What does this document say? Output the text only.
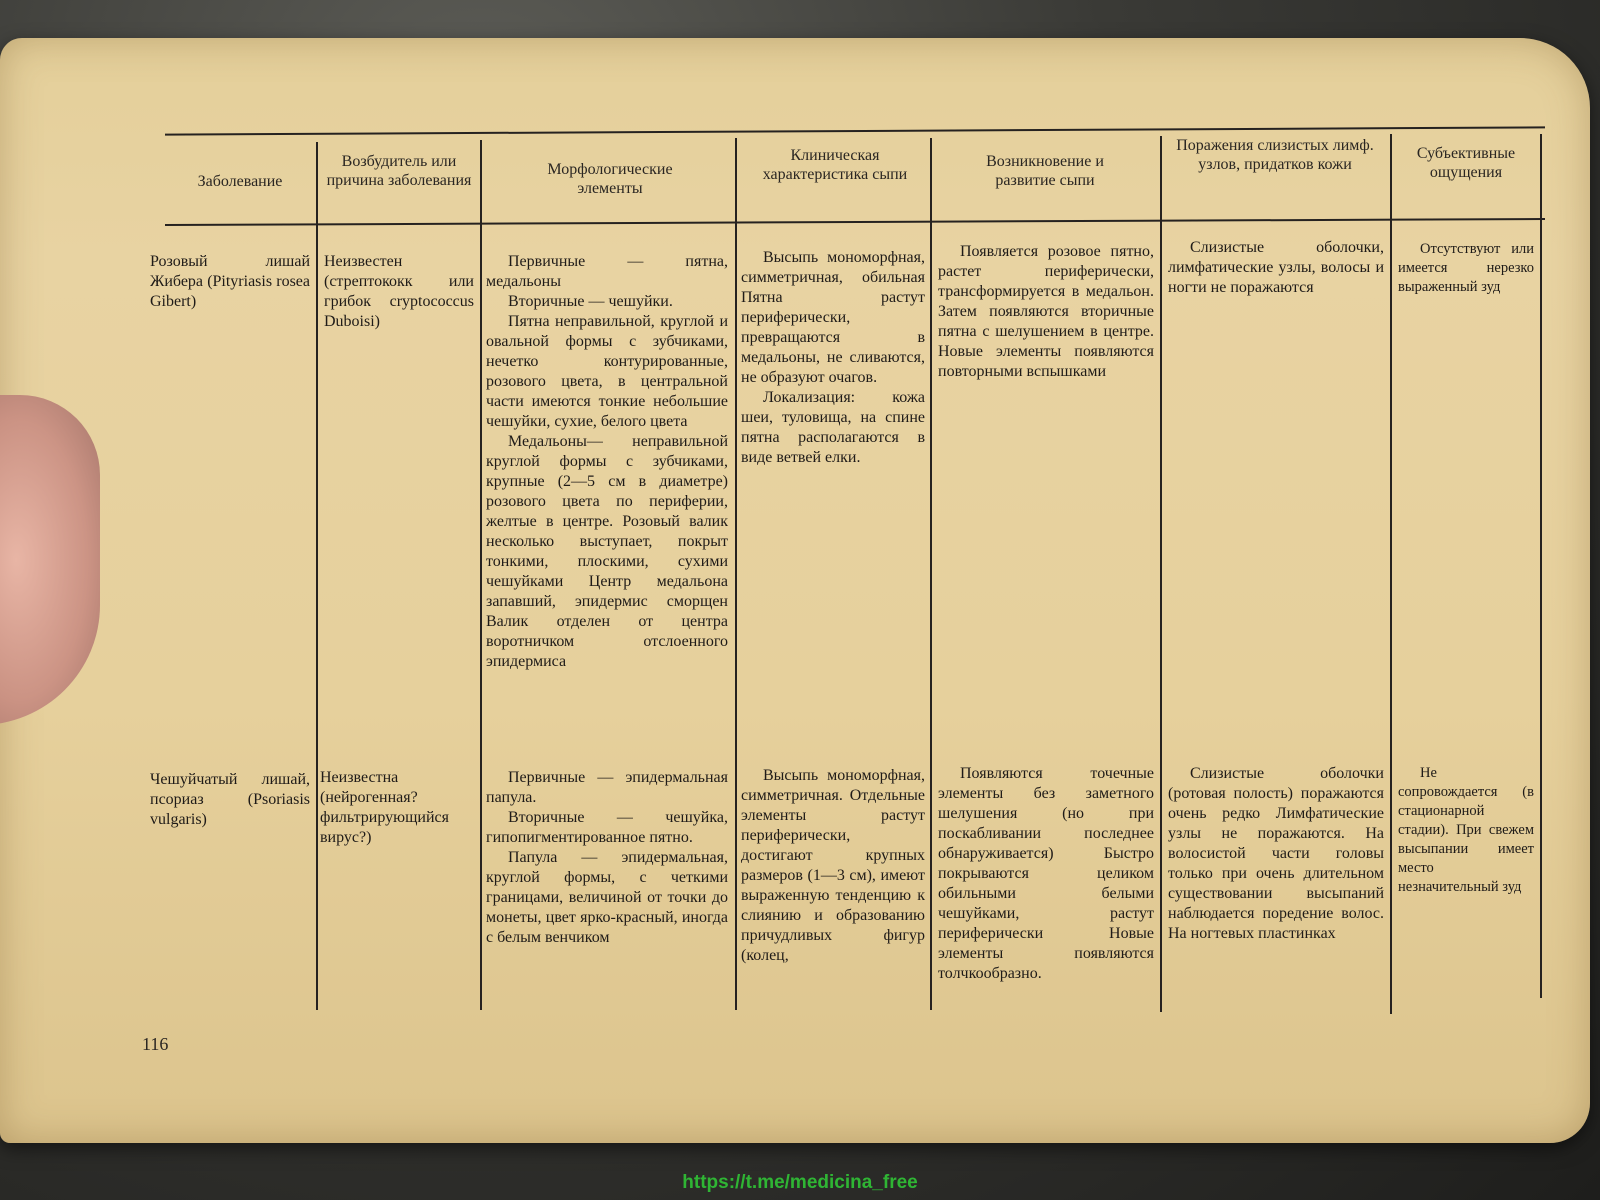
Заболевание
Возбудитель или причина заболевания
Морфологические элементы
Клиническая характеристика сыпи
Возникновение и развитие сыпи
Поражения слизистых лимф. узлов, придатков кожи
Субъективные ощущения
Розовый лишай Жибера (Pityriasis rosea Gibert)
Неизвестен (стрептококк или грибок cryptococcus Duboisi)

Первичные — пятна, медальоны

Вторичные — чешуйки.

Пятна неправильной, круглой и овальной формы с зубчиками, нечетко контурированные, розового цвета, в центральной части имеются тонкие небольшие чешуйки, сухие, белого цвета

Медальоны— неправильной круглой формы с зубчиками, крупные (2—5 см в диаметре) розового цвета по периферии, желтые в центре. Розовый валик несколько выступает, покрыт тонкими, плоскими, сухими чешуйками Центр медальона запавший, эпидермис сморщен Валик отделен от центра воротничком отслоенного эпидермиса

Высыпь мономорфная, симметричная, обильная Пятна растут периферически, превращаются в медальоны, не сливаются, не образуют очагов.

Локализация: кожа шеи, туловища, на спине пятна располагаются в виде ветвей елки.

Появляется розовое пятно, растет периферически, трансформируется в медальон. Затем появляются вторичные пятна с шелушением в центре. Новые элементы появляются повторными вспышками

Слизистые оболочки, лимфатические узлы, волосы и ногти не поражаются

Отсутствуют или имеется нерезко выраженный зуд

Чешуйчатый лишай, псориаз (Psoriasis vulgaris)
Неизвестна (нейрогенная? фильтрирующийся вирус?)

Первичные — эпидермальная папула.

Вторичные — чешуйка, гипопигментированное пятно.

Папула — эпидермальная, круглой формы, с четкими границами, величиной от точки до монеты, цвет ярко-красный, иногда с белым венчиком

Высыпь мономорфная, симметричная. Отдельные элементы растут периферически, достигают крупных размеров (1—3 см), имеют выраженную тенденцию к слиянию и образованию причудливых фигур (колец,

Появляются точечные элементы без заметного шелушения (но при поскабливании последнее обнаруживается) Быстро покрываются целиком обильными белыми чешуйками, растут периферически Новые элементы появляются толчкообразно.

Слизистые оболочки (ротовая полость) поражаются очень редко Лимфатические узлы не поражаются. На волосистой части головы только при очень длительном существовании высыпаний наблюдается поредение волос. На ногтевых пластинках

Не сопровождается (в стационарной стадии). При свежем высыпании имеет место незначительный зуд

116
https://t.me/medicina_free
